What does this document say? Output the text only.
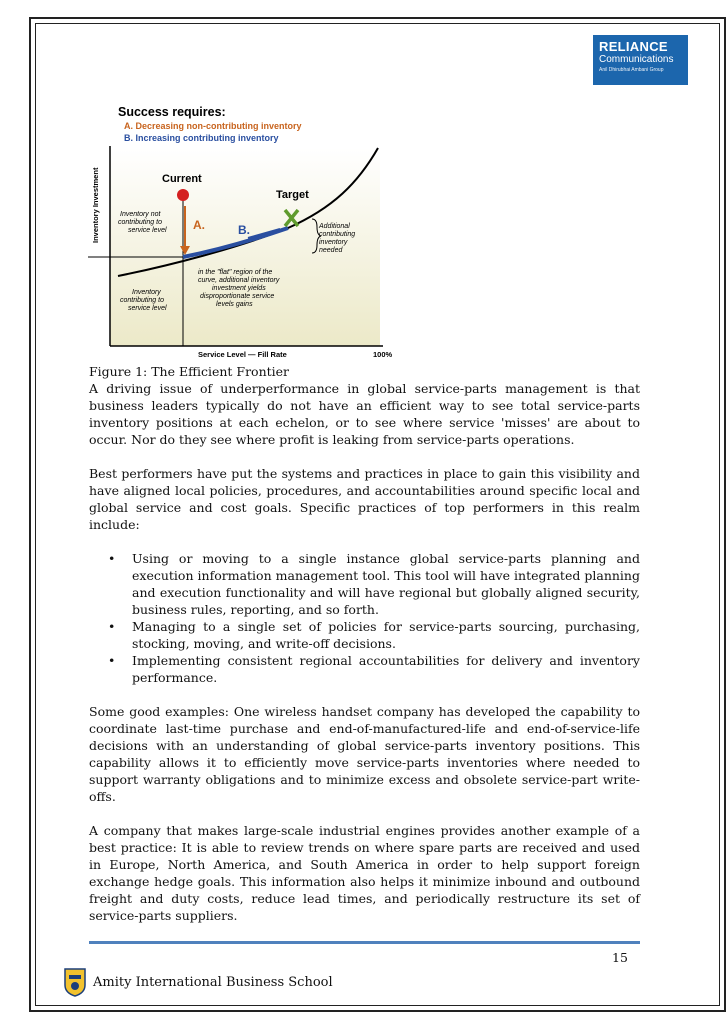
RELIANCE
Communications
Anil Dhirubhai Ambani Group
Success requires:
A. Decreasing non-contributing inventory
B. Increasing contributing inventory
Current
Target
A.	B.
Inventory Investment
Service Level — Fill Rate	100%
Inventory not
contributing to
service level
Inventory
contributing to
service level
in the "flat" region of the
curve, additional inventory
investment yields
disproportionate service
levels gains
Additional
contributing
inventory
needed
Figure 1: The Efficient Frontier

A driving issue of underperformance in global service-parts management is that business leaders typically do not have an efficient way to see total service-parts inventory positions at each echelon, or to see where service 'misses' are about to occur. Nor do they see where profit is leaking from service-parts operations.

Best performers have put the systems and practices in place to gain this visibility and have aligned local policies, procedures, and accountabilities around specific local and global service and cost goals. Specific practices of top performers in this realm include:

• Using or moving to a single instance global service-parts planning and execution information management tool. This tool will have integrated planning and execution functionality and will have regional but globally aligned security, business rules, reporting, and so forth.
• Managing to a single set of policies for service-parts sourcing, purchasing, stocking, moving, and write-off decisions.
• Implementing consistent regional accountabilities for delivery and inventory performance.

Some good examples: One wireless handset company has developed the capability to coordinate last-time purchase and end-of-manufactured-life and end-of-service-life decisions with an understanding of global service-parts inventory positions. This capability allows it to efficiently move service-parts inventories where needed to support warranty obligations and to minimize excess and obsolete service-part write-offs.

A company that makes large-scale industrial engines provides another example of a best practice: It is able to review trends on where spare parts are received and used in Europe, North America, and South America in order to help support foreign exchange hedge goals. This information also helps it minimize inbound and outbound freight and duty costs, reduce lead times, and periodically restructure its set of service-parts suppliers.

15
Amity International Business School
